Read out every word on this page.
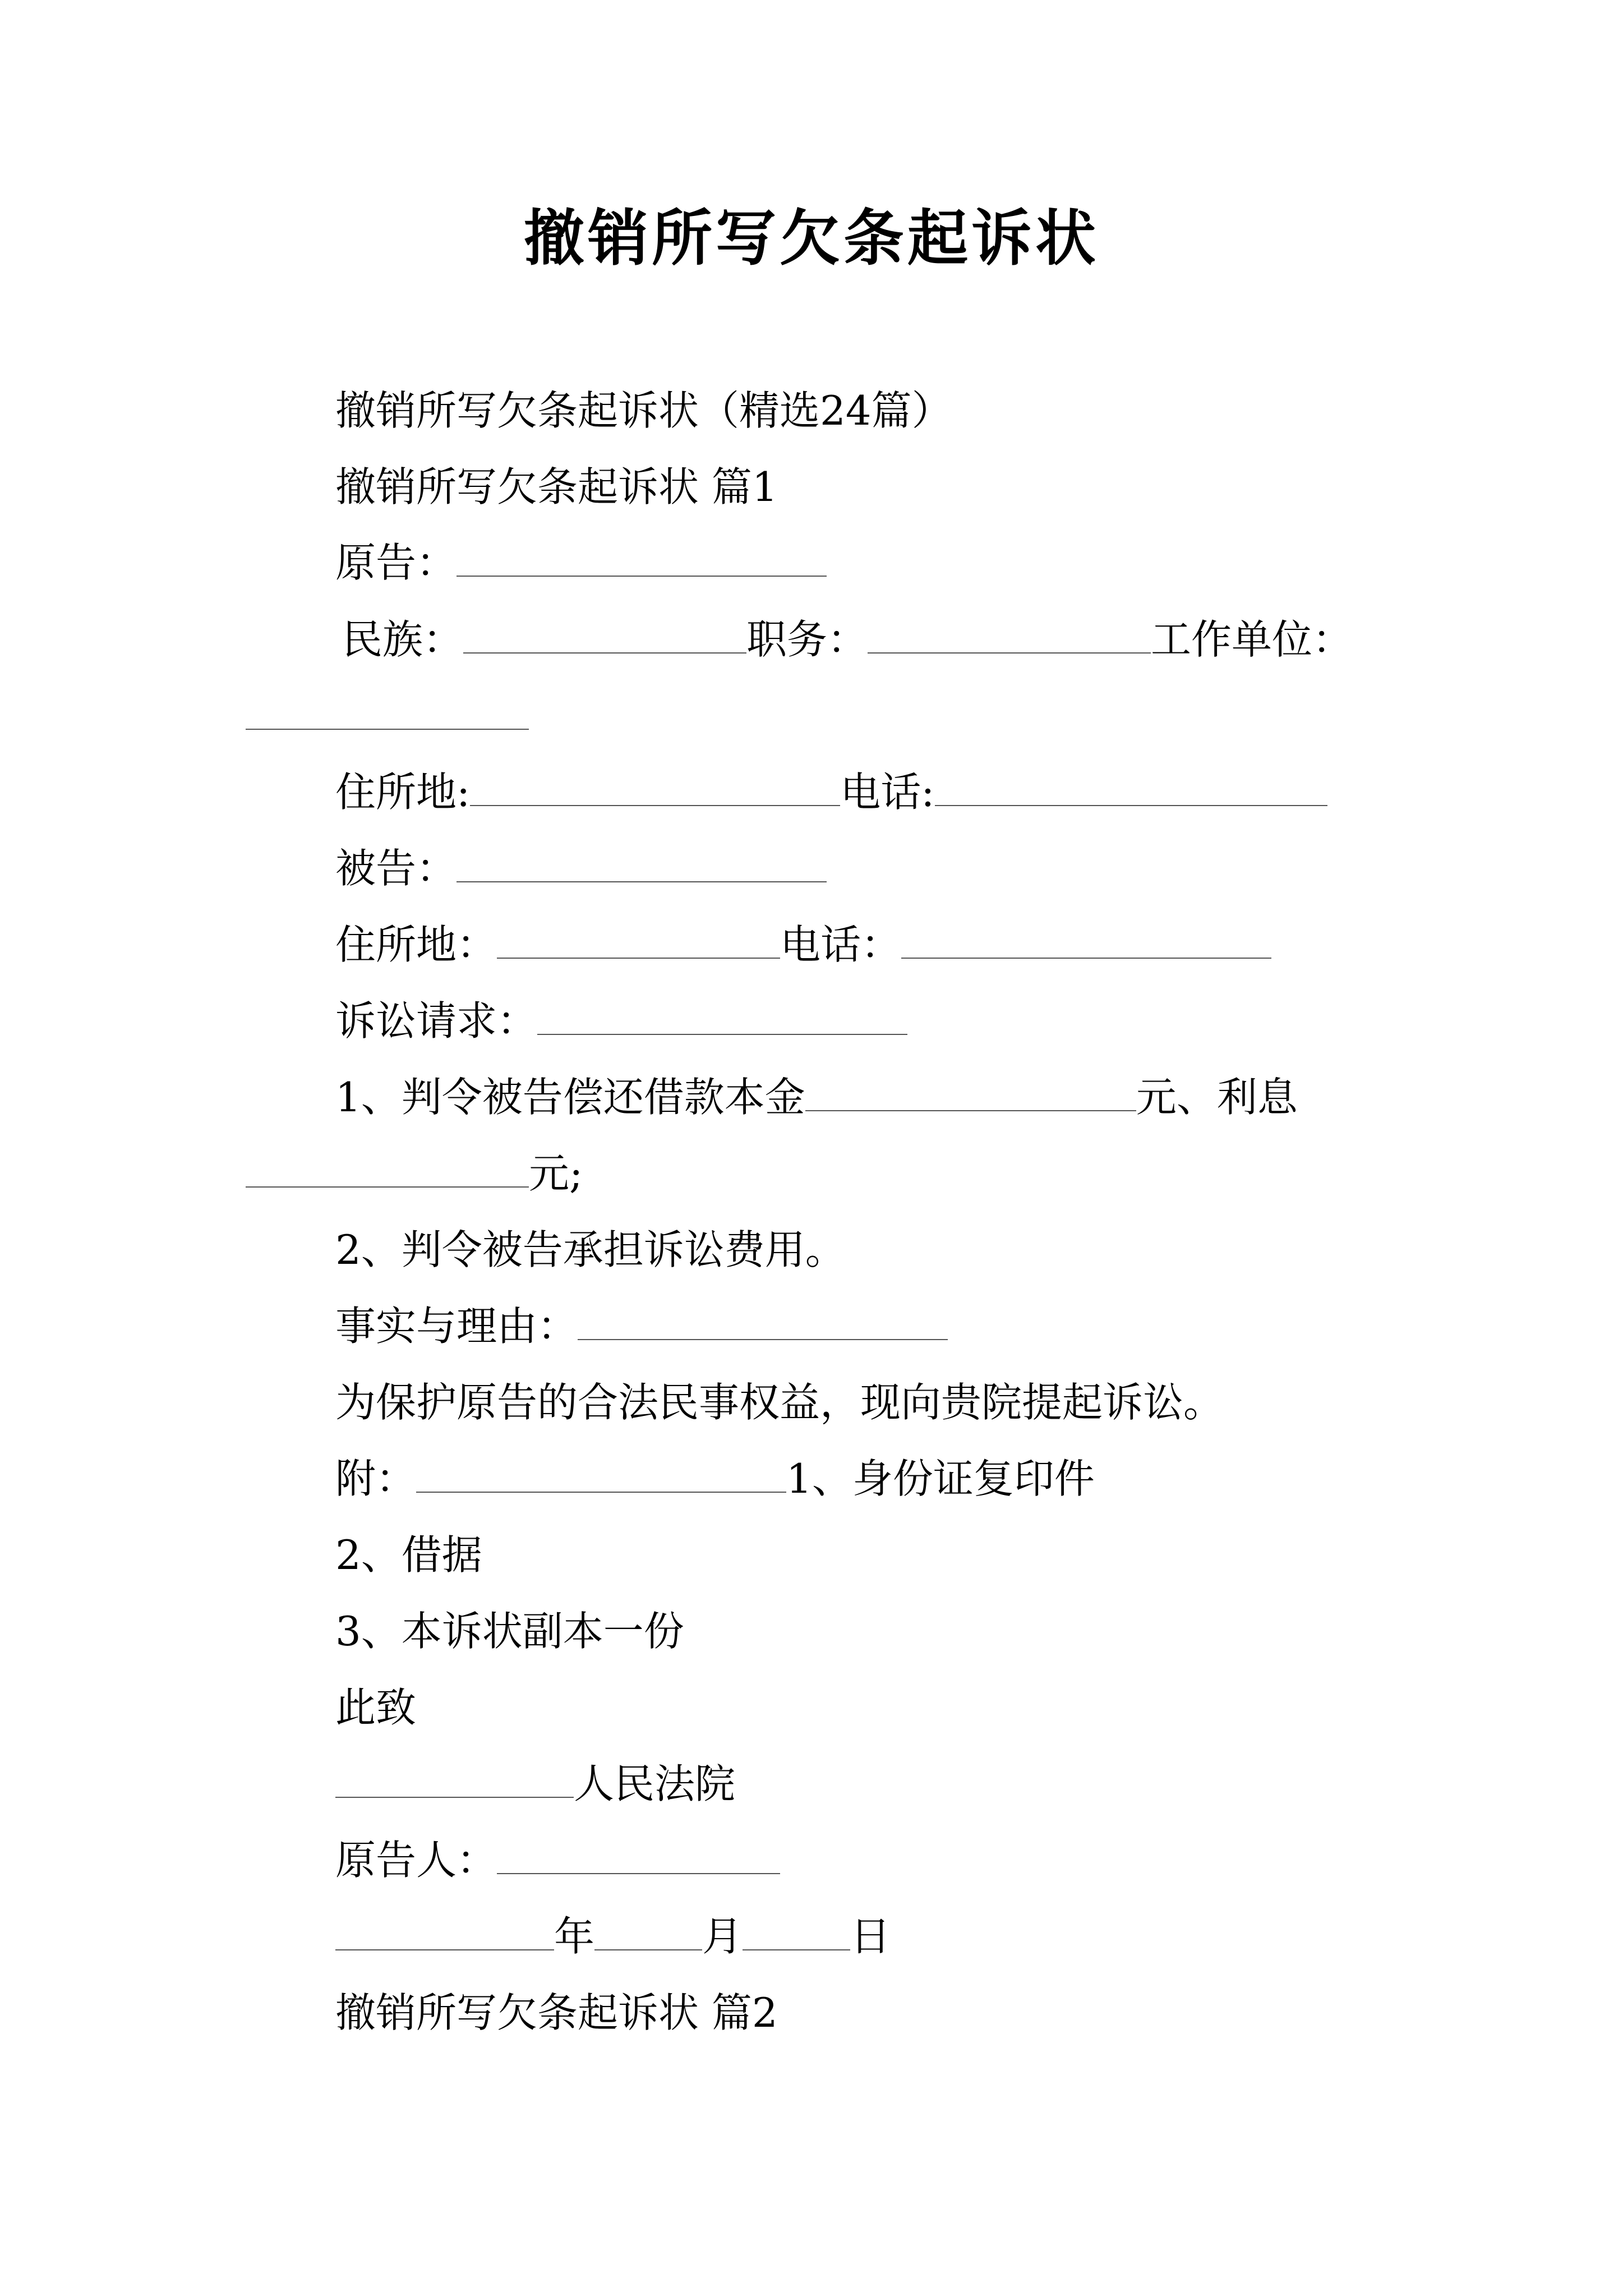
撤销所写欠条起诉状
撤销所写欠条起诉状（精选24篇）
撤销所写欠条起诉状 篇1
原告：
民族：	职务：	工作单位：
住所地:	电话:
被告：
住所地：	电话：
诉讼请求：
1、判令被告偿还借款本金	元、利息
元;
2、判令被告承担诉讼费用。
事实与理由：
为保护原告的合法民事权益，现向贵院提起诉讼。
附：	1、身份证复印件
2、借据
3、本诉状副本一份
此致
人民法院
原告人：
年	月	日
撤销所写欠条起诉状 篇2
